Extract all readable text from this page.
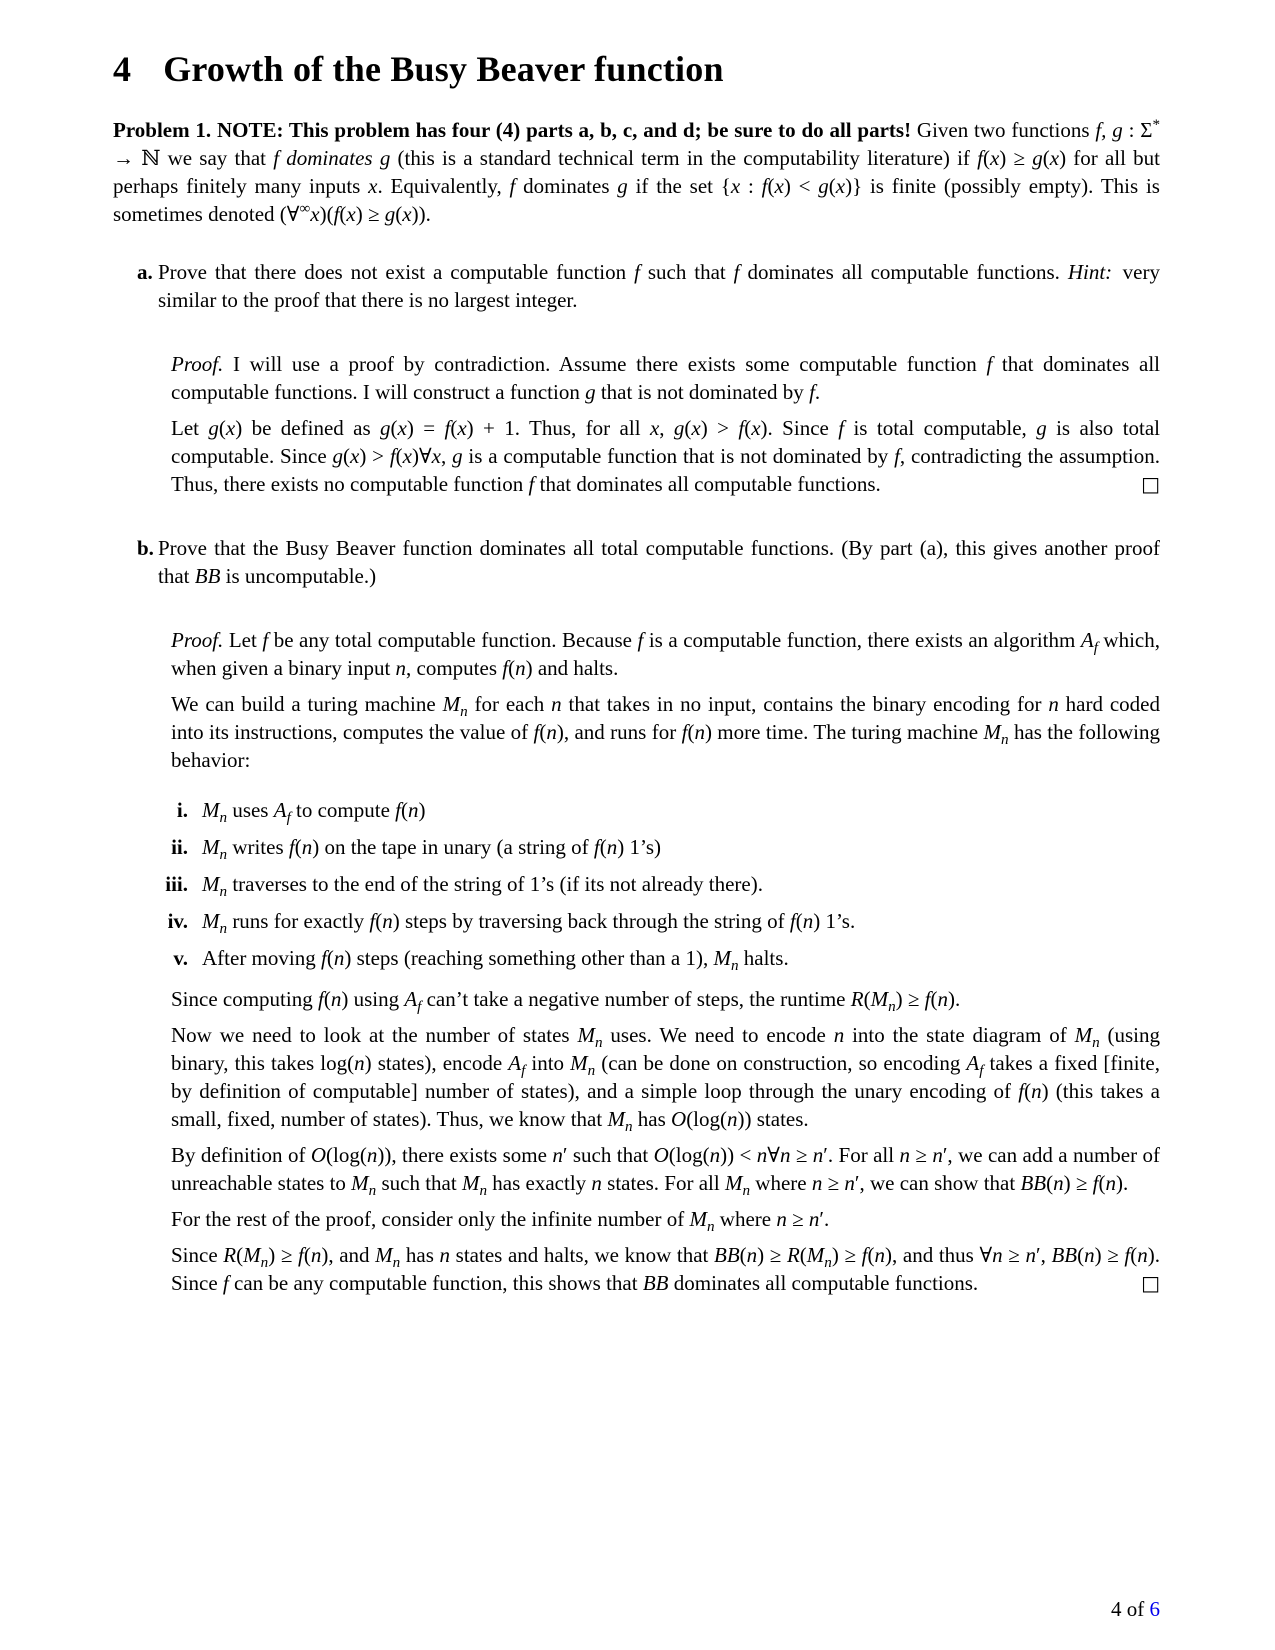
4 Growth of the Busy Beaver function

Problem 1. NOTE: This problem has four (4) parts a, b, c, and d; be sure to do all parts! Given two functions f, g : Σ* → ℕ we say that f dominates g (this is a standard technical term in the computability literature) if f(x) ≥ g(x) for all but perhaps finitely many inputs x. Equivalently, f dominates g if the set {x : f(x) < g(x)} is finite (possibly empty). This is sometimes denoted (∀∞x)(f(x) ≥ g(x)).

a. Prove that there does not exist a computable function f such that f dominates all computable functions. Hint: very similar to the proof that there is no largest integer.

Proof. I will use a proof by contradiction. Assume there exists some computable function f that dominates all computable functions. I will construct a function g that is not dominated by f.

Let g(x) be defined as g(x) = f(x) + 1. Thus, for all x, g(x) > f(x). Since f is total computable, g is also total computable. Since g(x) > f(x)∀x, g is a computable function that is not dominated by f, contradicting the assumption. Thus, there exists no computable function f that dominates all computable functions.	□

b. Prove that the Busy Beaver function dominates all total computable functions. (By part (a), this gives another proof that BB is uncomputable.)

Proof. Let f be any total computable function. Because f is a computable function, there exists an algorithm $A_f$ which, when given a binary input n, computes f(n) and halts.

We can build a turing machine $M_n$ for each n that takes in no input, contains the binary encoding for n hard coded into its instructions, computes the value of f(n), and runs for f(n) more time. The turing machine $M_n$ has the following behavior:

i. $M_n$ uses $A_f$ to compute f(n)
ii. $M_n$ writes f(n) on the tape in unary (a string of f(n) 1’s)
iii. $M_n$ traverses to the end of the string of 1’s (if its not already there).
iv. $M_n$ runs for exactly f(n) steps by traversing back through the string of f(n) 1’s.
v. After moving f(n) steps (reaching something other than a 1), $M_n$ halts.

Since computing f(n) using $A_f$ can’t take a negative number of steps, the runtime $R(M_n) \ge f(n)$.

Now we need to look at the number of states $M_n$ uses. We need to encode n into the state diagram of $M_n$ (using binary, this takes log(n) states), encode $A_f$ into $M_n$ (can be done on construction, so encoding $A_f$ takes a fixed [finite, by definition of computable] number of states), and a simple loop through the unary encoding of f(n) (this takes a small, fixed, number of states). Thus, we know that $M_n$ has O(log(n)) states.

By definition of O(log(n)), there exists some n′ such that O(log(n)) < n∀n ≥ n′. For all n ≥ n′, we can add a number of unreachable states to $M_n$ such that $M_n$ has exactly n states. For all $M_n$ where n ≥ n′, we can show that BB(n) ≥ f(n).

For the rest of the proof, consider only the infinite number of $M_n$ where n ≥ n′.

Since $R(M_n) \ge f(n)$, and $M_n$ has n states and halts, we know that $BB(n) \ge R(M_n) \ge f(n)$, and thus ∀n ≥ n′, BB(n) ≥ f(n). Since f can be any computable function, this shows that BB dominates all computable functions.	□

4 of 6
